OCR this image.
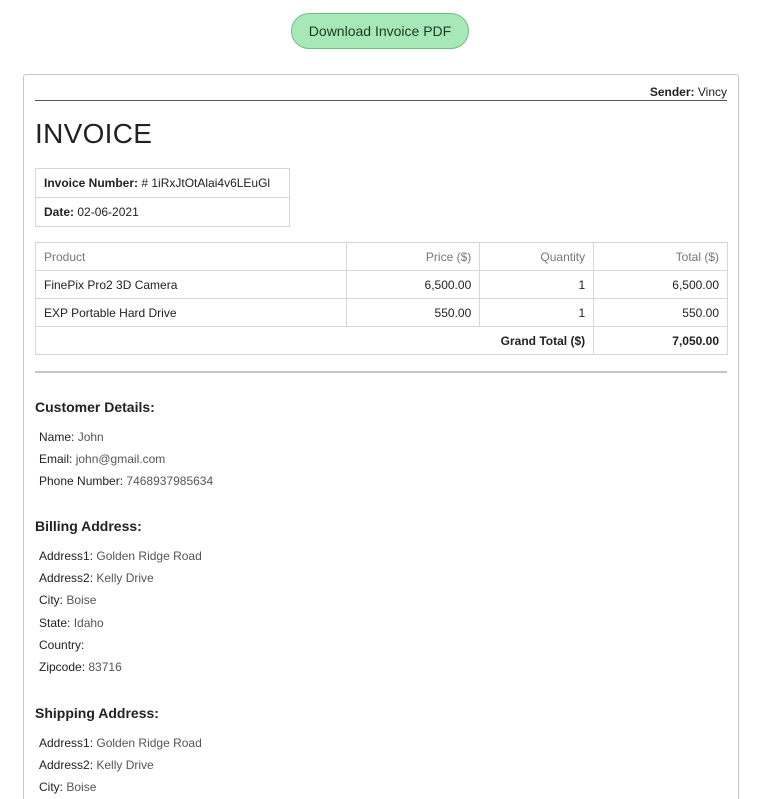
Download Invoice PDF
Sender: Vincy
INVOICE
Invoice Number: # 1iRxJtOtAlai4v6LEuGl
Date: 02-06-2021
Product	Price ($)	Quantity	Total ($)
FinePix Pro2 3D Camera	6,500.00	1	6,500.00
EXP Portable Hard Drive	550.00	1	550.00
Grand Total ($)			7,050.00
Customer Details:
Name: John
Email: john@gmail.com
Phone Number: 7468937985634
Billing Address:
Address1: Golden Ridge Road
Address2: Kelly Drive
City: Boise
State: Idaho
Country:
Zipcode: 83716
Shipping Address:
Address1: Golden Ridge Road
Address2: Kelly Drive
City: Boise
